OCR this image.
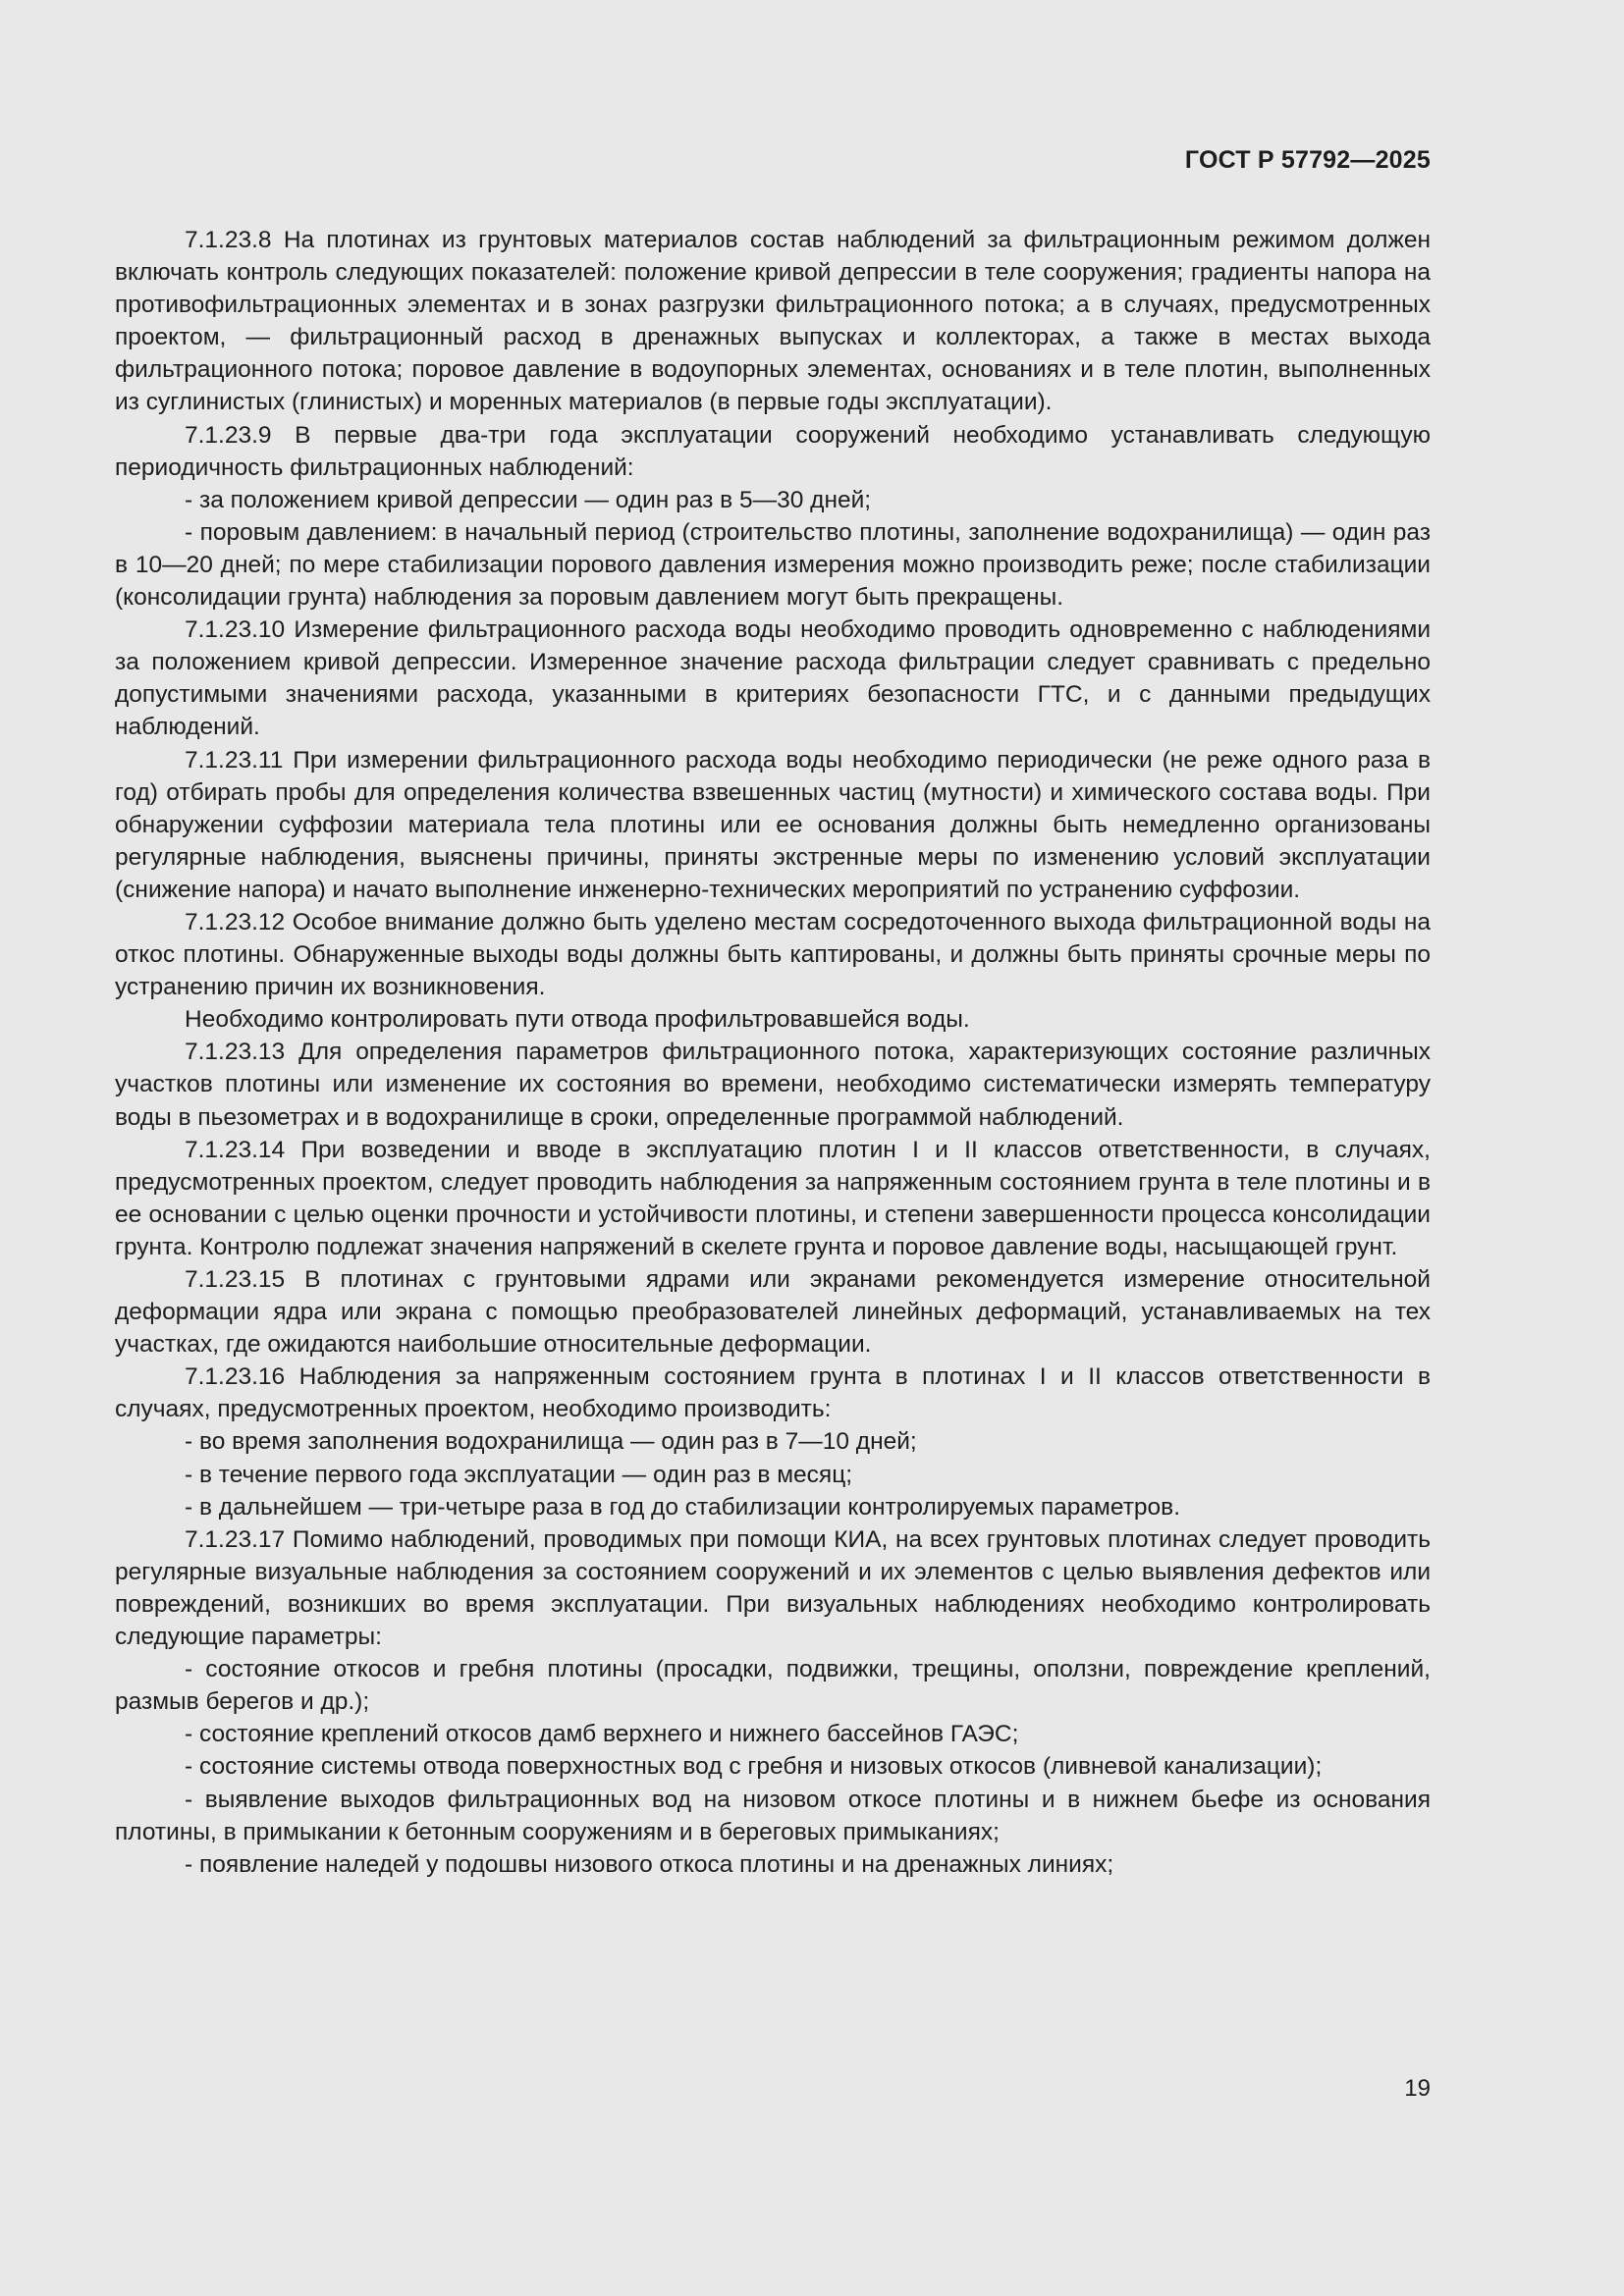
ГОСТ Р 57792—2025

7.1.23.8 На плотинах из грунтовых материалов состав наблюдений за фильтрационным режимом должен включать контроль следующих показателей: положение кривой депрессии в теле сооружения; градиенты напора на противофильтрационных элементах и в зонах разгрузки фильтрационного потока; а в случаях, предусмотренных проектом, — фильтрационный расход в дренажных выпусках и коллекторах, а также в местах выхода фильтрационного потока; поровое давление в водоупорных элементах, основаниях и в теле плотин, выполненных из суглинистых (глинистых) и моренных материалов (в первые годы эксплуатации).

7.1.23.9 В первые два-три года эксплуатации сооружений необходимо устанавливать следующую периодичность фильтрационных наблюдений:

- за положением кривой депрессии — один раз в 5—30 дней;

- поровым давлением: в начальный период (строительство плотины, заполнение водохранилища) — один раз в 10—20 дней; по мере стабилизации порового давления измерения можно производить реже; после стабилизации (консолидации грунта) наблюдения за поровым давлением могут быть прекращены.

7.1.23.10 Измерение фильтрационного расхода воды необходимо проводить одновременно с наблюдениями за положением кривой депрессии. Измеренное значение расхода фильтрации следует сравнивать с предельно допустимыми значениями расхода, указанными в критериях безопасности ГТС, и с данными предыдущих наблюдений.

7.1.23.11 При измерении фильтрационного расхода воды необходимо периодически (не реже одного раза в год) отбирать пробы для определения количества взвешенных частиц (мутности) и химического состава воды. При обнаружении суффозии материала тела плотины или ее основания должны быть немедленно организованы регулярные наблюдения, выяснены причины, приняты экстренные меры по изменению условий эксплуатации (снижение напора) и начато выполнение инженерно-технических мероприятий по устранению суффозии.

7.1.23.12 Особое внимание должно быть уделено местам сосредоточенного выхода фильтрационной воды на откос плотины. Обнаруженные выходы воды должны быть каптированы, и должны быть приняты срочные меры по устранению причин их возникновения.

Необходимо контролировать пути отвода профильтровавшейся воды.

7.1.23.13 Для определения параметров фильтрационного потока, характеризующих состояние различных участков плотины или изменение их состояния во времени, необходимо систематически измерять температуру воды в пьезометрах и в водохранилище в сроки, определенные программой наблюдений.

7.1.23.14 При возведении и вводе в эксплуатацию плотин I и II классов ответственности, в случаях, предусмотренных проектом, следует проводить наблюдения за напряженным состоянием грунта в теле плотины и в ее основании с целью оценки прочности и устойчивости плотины, и степени завершенности процесса консолидации грунта. Контролю подлежат значения напряжений в скелете грунта и поровое давление воды, насыщающей грунт.

7.1.23.15 В плотинах с грунтовыми ядрами или экранами рекомендуется измерение относительной деформации ядра или экрана с помощью преобразователей линейных деформаций, устанавливаемых на тех участках, где ожидаются наибольшие относительные деформации.

7.1.23.16 Наблюдения за напряженным состоянием грунта в плотинах I и II классов ответственности в случаях, предусмотренных проектом, необходимо производить:

- во время заполнения водохранилища — один раз в 7—10 дней;

- в течение первого года эксплуатации — один раз в месяц;

- в дальнейшем — три-четыре раза в год до стабилизации контролируемых параметров.

7.1.23.17 Помимо наблюдений, проводимых при помощи КИА, на всех грунтовых плотинах следует проводить регулярные визуальные наблюдения за состоянием сооружений и их элементов с целью выявления дефектов или повреждений, возникших во время эксплуатации. При визуальных наблюдениях необходимо контролировать следующие параметры:

- состояние откосов и гребня плотины (просадки, подвижки, трещины, оползни, повреждение креплений, размыв берегов и др.);

- состояние креплений откосов дамб верхнего и нижнего бассейнов ГАЭС;

- состояние системы отвода поверхностных вод с гребня и низовых откосов (ливневой канализации);

- выявление выходов фильтрационных вод на низовом откосе плотины и в нижнем бьефе из основания плотины, в примыкании к бетонным сооружениям и в береговых примыканиях;

- появление наледей у подошвы низового откоса плотины и на дренажных линиях;

19
